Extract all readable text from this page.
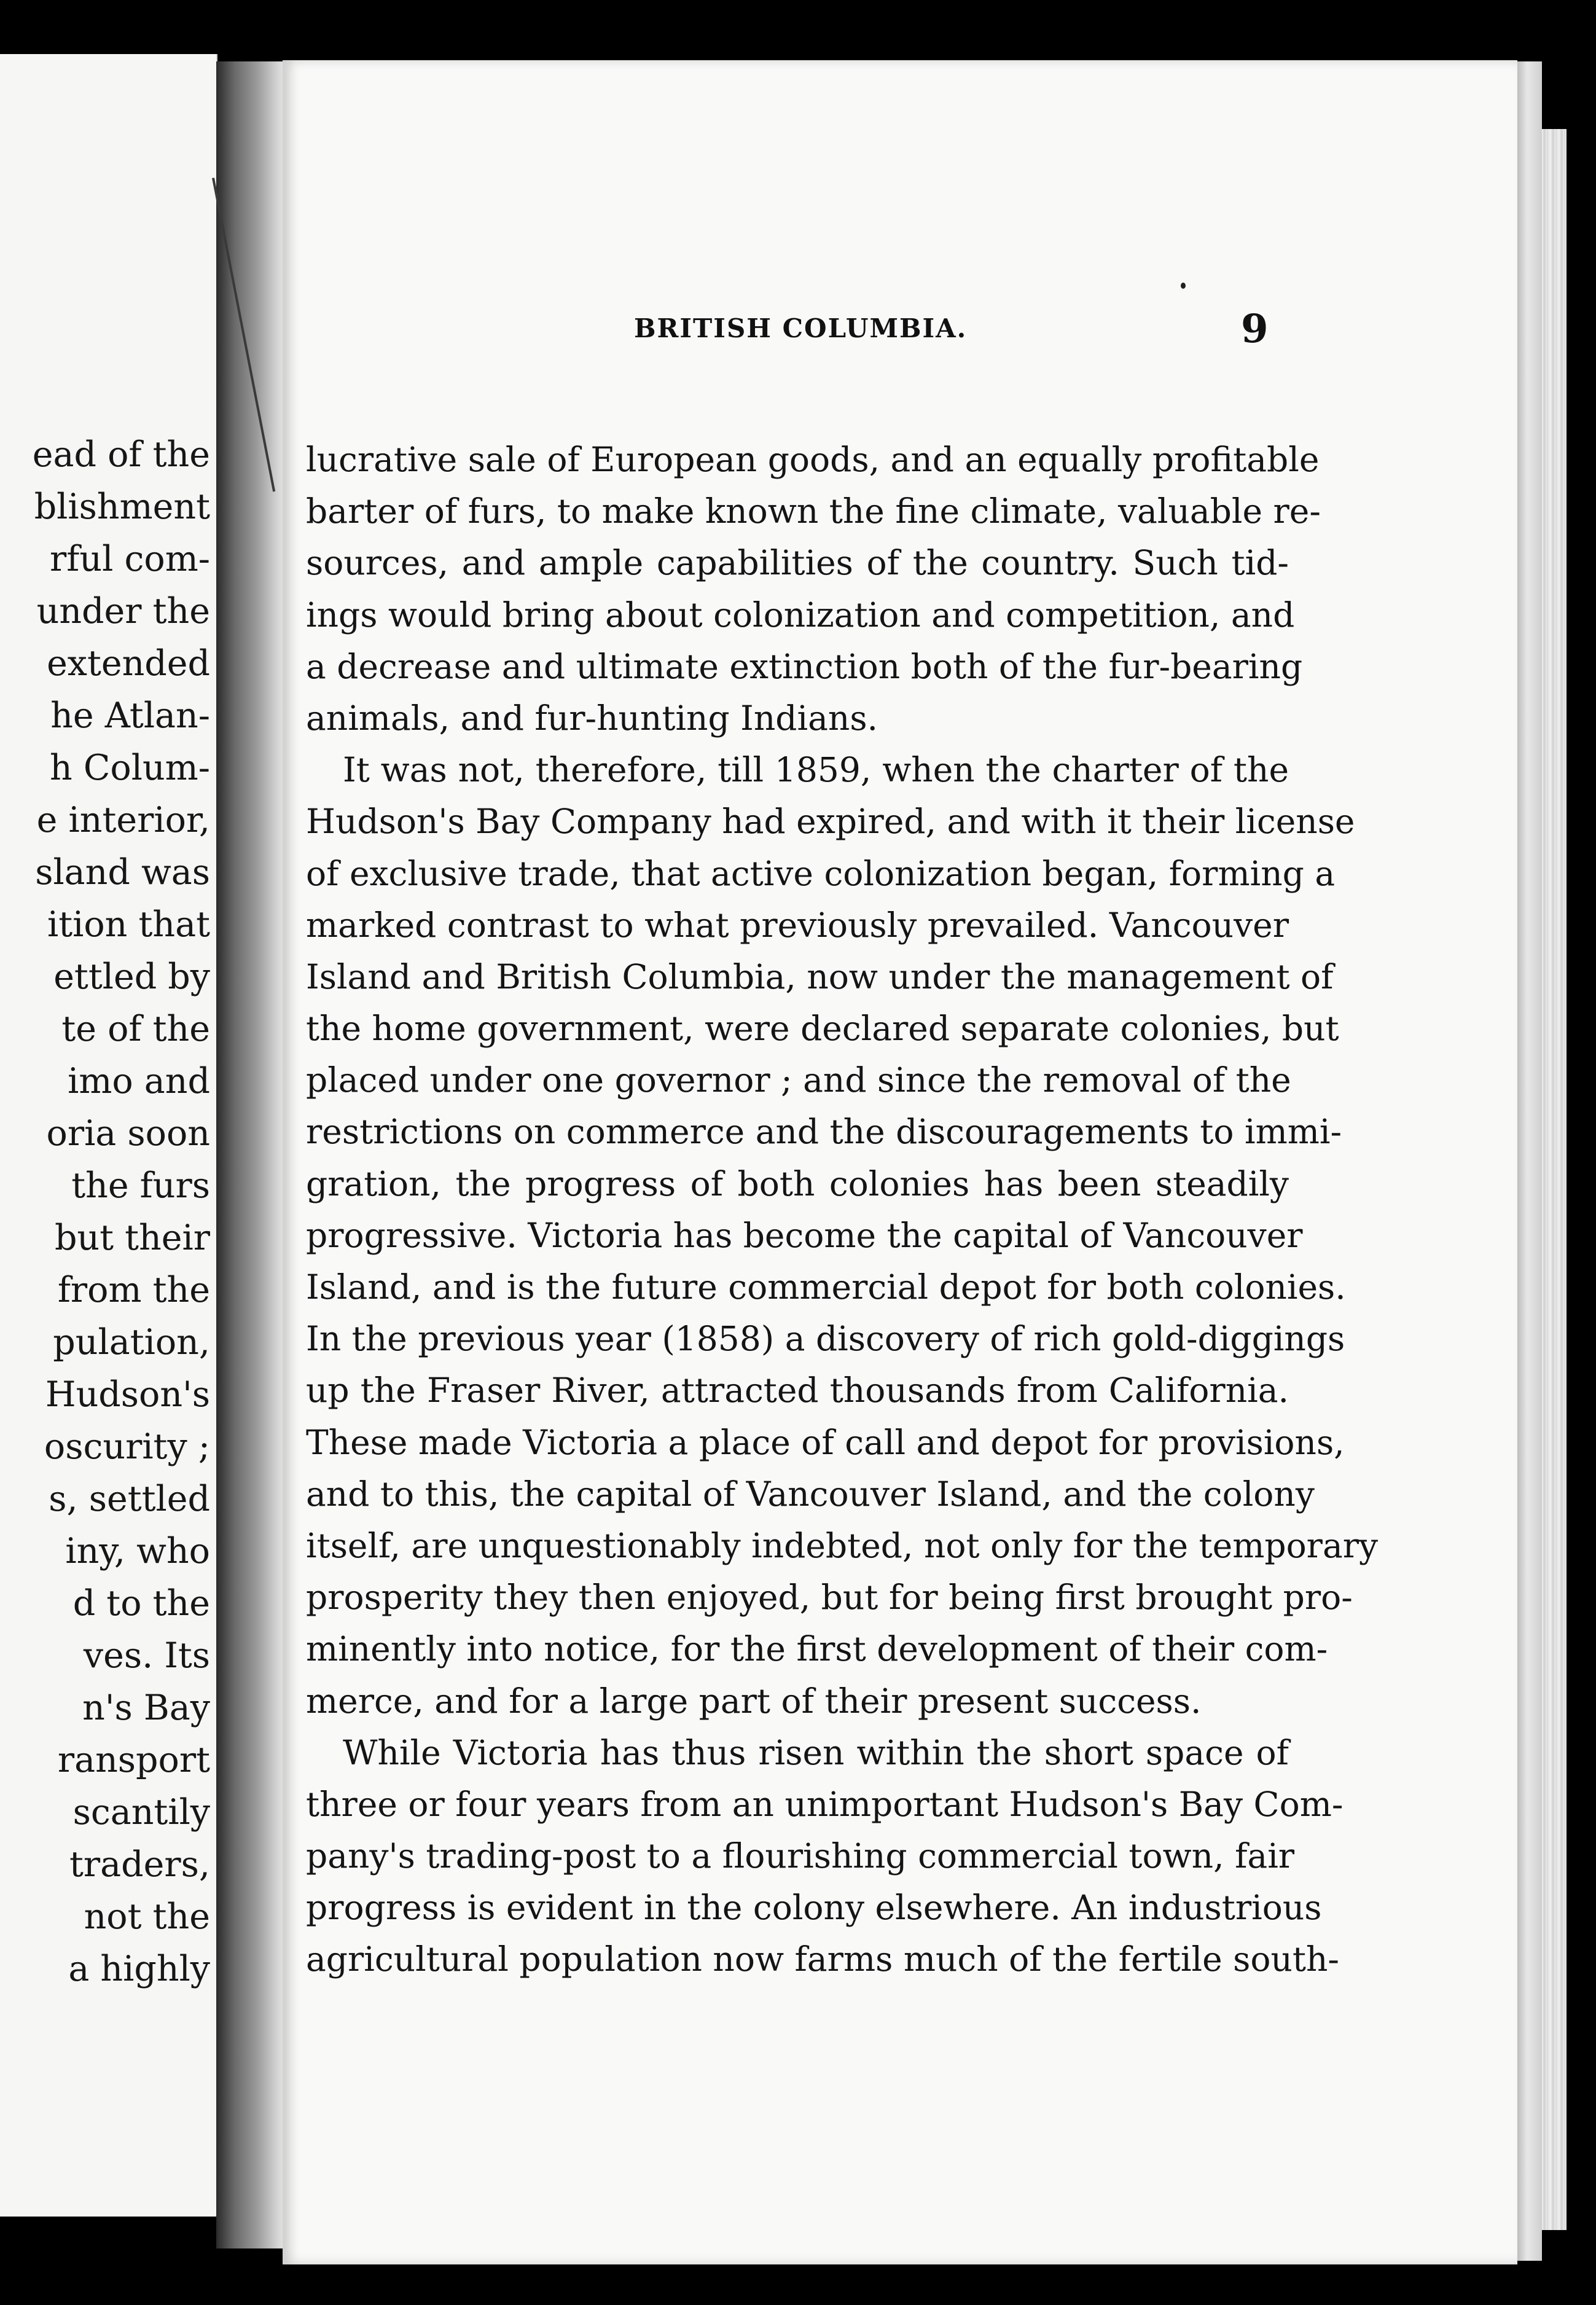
ead of the
blishment
rful com-
under the
extended
he Atlan-
h Colum-
e interior,
sland was
ition that
ettled by
te of the
imo and
oria soon
the furs
but their
from the
pulation,
Hudson's
oscurity ;
s, settled
iny, who
d to the
ves. Its
n's Bay
ransport
scantily
traders,
not the
a highly
BRITISH COLUMBIA.	9
lucrative sale of European goods, and an equally profitable
barter of furs, to make known the fine climate, valuable re-
sources, and ample capabilities of the country. Such tid-
ings would bring about colonization and competition, and
a decrease and ultimate extinction both of the fur-bearing
animals, and fur-hunting Indians.
It was not, therefore, till 1859, when the charter of the
Hudson's Bay Company had expired, and with it their license
of exclusive trade, that active colonization began, forming a
marked contrast to what previously prevailed. Vancouver
Island and British Columbia, now under the management of
the home government, were declared separate colonies, but
placed under one governor ; and since the removal of the
restrictions on commerce and the discouragements to immi-
gration, the progress of both colonies has been steadily
progressive. Victoria has become the capital of Vancouver
Island, and is the future commercial depot for both colonies.
In the previous year (1858) a discovery of rich gold-diggings
up the Fraser River, attracted thousands from California.
These made Victoria a place of call and depot for provisions,
and to this, the capital of Vancouver Island, and the colony
itself, are unquestionably indebted, not only for the temporary
prosperity they then enjoyed, but for being first brought pro-
minently into notice, for the first development of their com-
merce, and for a large part of their present success.
While Victoria has thus risen within the short space of
three or four years from an unimportant Hudson's Bay Com-
pany's trading-post to a flourishing commercial town, fair
progress is evident in the colony elsewhere. An industrious
agricultural population now farms much of the fertile south-
